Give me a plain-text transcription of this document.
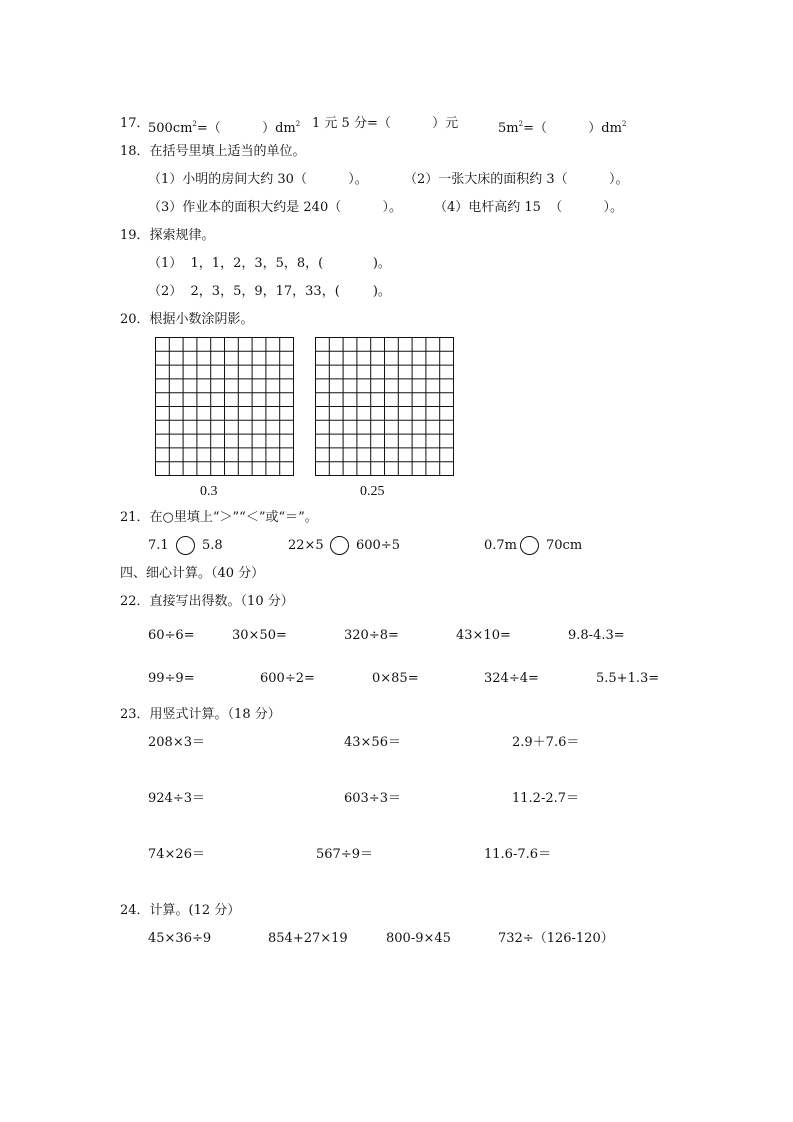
17．
$500cm^2=$（          ）$dm^2$ 1 元 5 分=（          ）元	$5m^2=$（          ）$dm^2$
18．在括号里填上适当的单位。
（1）小明的房间大约 30（          ）。	（2）一张大床的面积约 3（          ）。
（3）作业本的面积大约是 240（          ）。 （4）电杆高约 15  （          ）。
19．探索规律。
（1）  1，1，2，3，5，8，(            )。
（2）  2，3，5，9，17，33，(        )。
20．根据小数涂阴影。
0.3	0.25
21．在○里填上“＞”“＜”或“＝”。
7.1	5.8	22×5 600÷5	0.7m 70cm
四、细心计算。（40 分）
22．直接写出得数。（10 分）
60÷6=	30×50=	320÷8=	43×10=	9.8-4.3=
99÷9=	600÷2=	0×85=	324÷4=	5.5+1.3=
23．用竖式计算。（18 分）
208×3＝	43×56＝	2.9＋7.6＝
924÷3＝	603÷3＝	11.2-2.7＝
74×26＝	567÷9＝	11.6-7.6＝
24．计算。(12 分）
45×36÷9	854+27×19	800-9×45	732÷（126-120）
